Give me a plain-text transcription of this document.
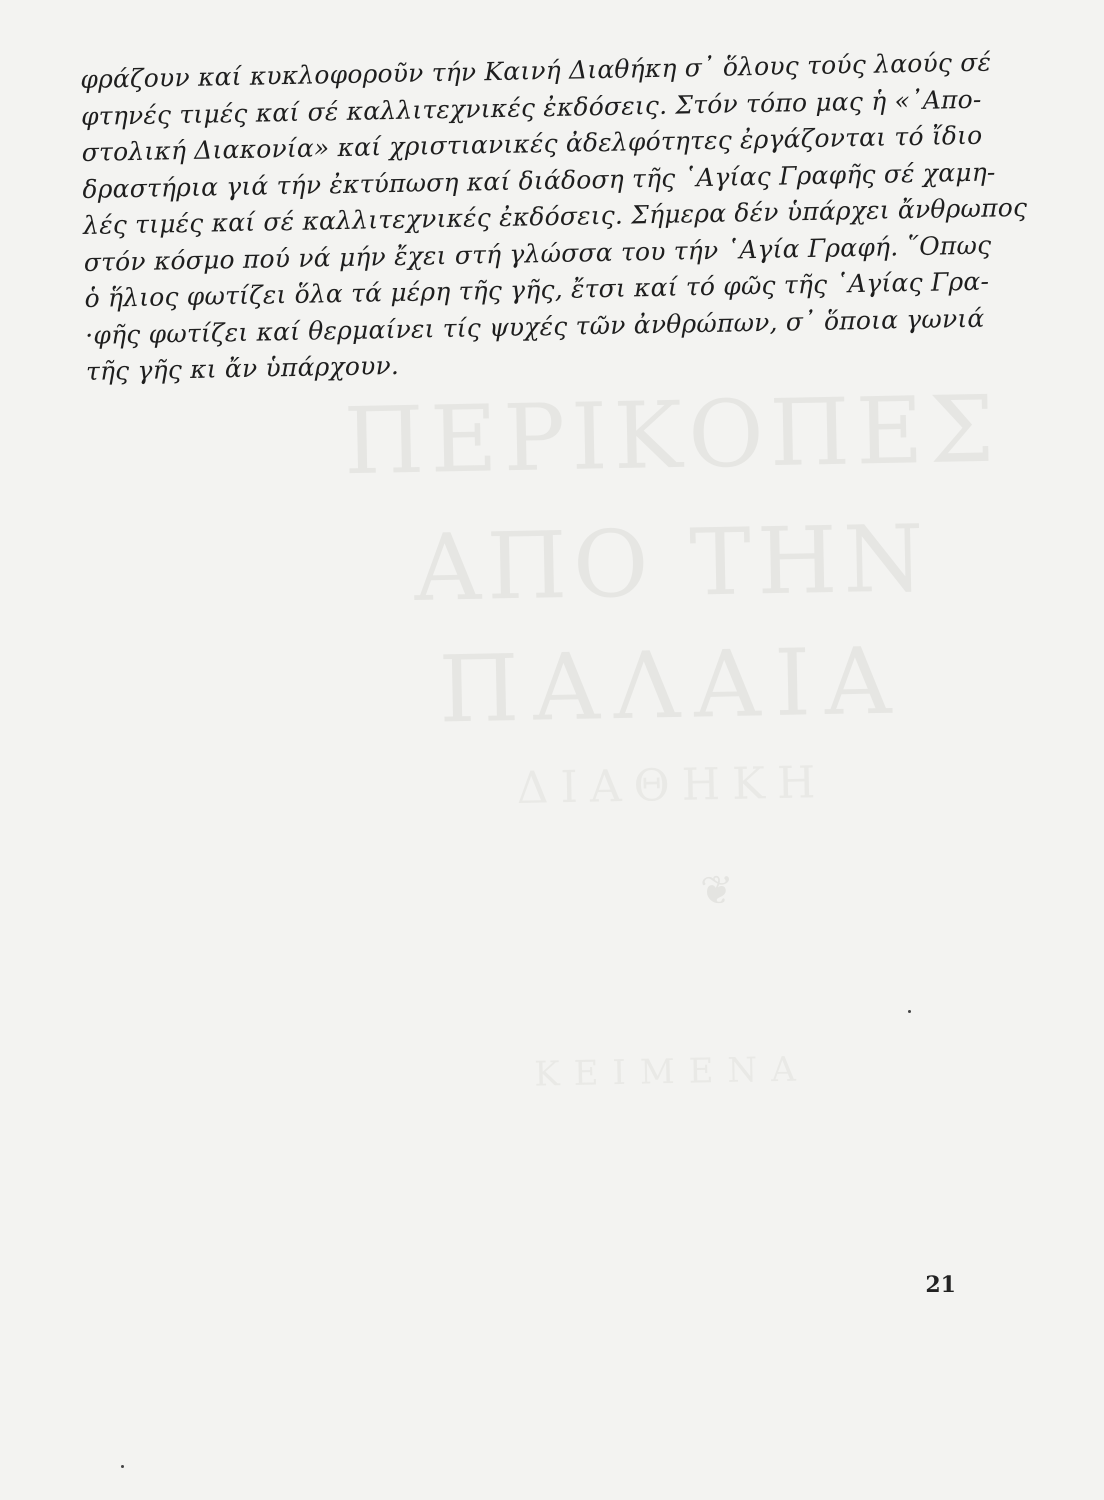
ΠΕΡΙΚΟΠΕΣ
ΑΠΟ ΤΗΝ
ΠΑΛΑΙΑ
ΔΙΑΘΗΚΗ
ΚΕΙΜΕΝΑ
❦
φράζουν καί κυκλοφοροῦν τήν Καινή Διαθήκη σ᾽ ὅλους τούς λαούς σέ
φτηνές τιμές καί σέ καλλιτεχνικές ἐκδόσεις. Στόν τόπο μας ἡ «᾽Απο-
στολική Διακονία» καί χριστιανικές ἀδελφότητες ἐργάζονται τό ἴδιο
δραστήρια γιά τήν ἐκτύπωση καί διάδοση τῆς ῾Αγίας Γραφῆς σέ χαμη-
λές τιμές καί σέ καλλιτεχνικές ἐκδόσεις. Σήμερα δέν ὑπάρχει ἄνθρωπος
στόν κόσμο πού νά μήν ἔχει στή γλώσσα του τήν ῾Αγία Γραφή. ῞Οπως
ὁ ἥλιος φωτίζει ὅλα τά μέρη τῆς γῆς, ἔτσι καί τό φῶς τῆς ῾Αγίας Γρα-
·φῆς φωτίζει καί θερμαίνει τίς ψυχές τῶν ἀνθρώπων, σ᾽ ὅποια γωνιά
τῆς γῆς κι ἄν ὑπάρχουν.
21
